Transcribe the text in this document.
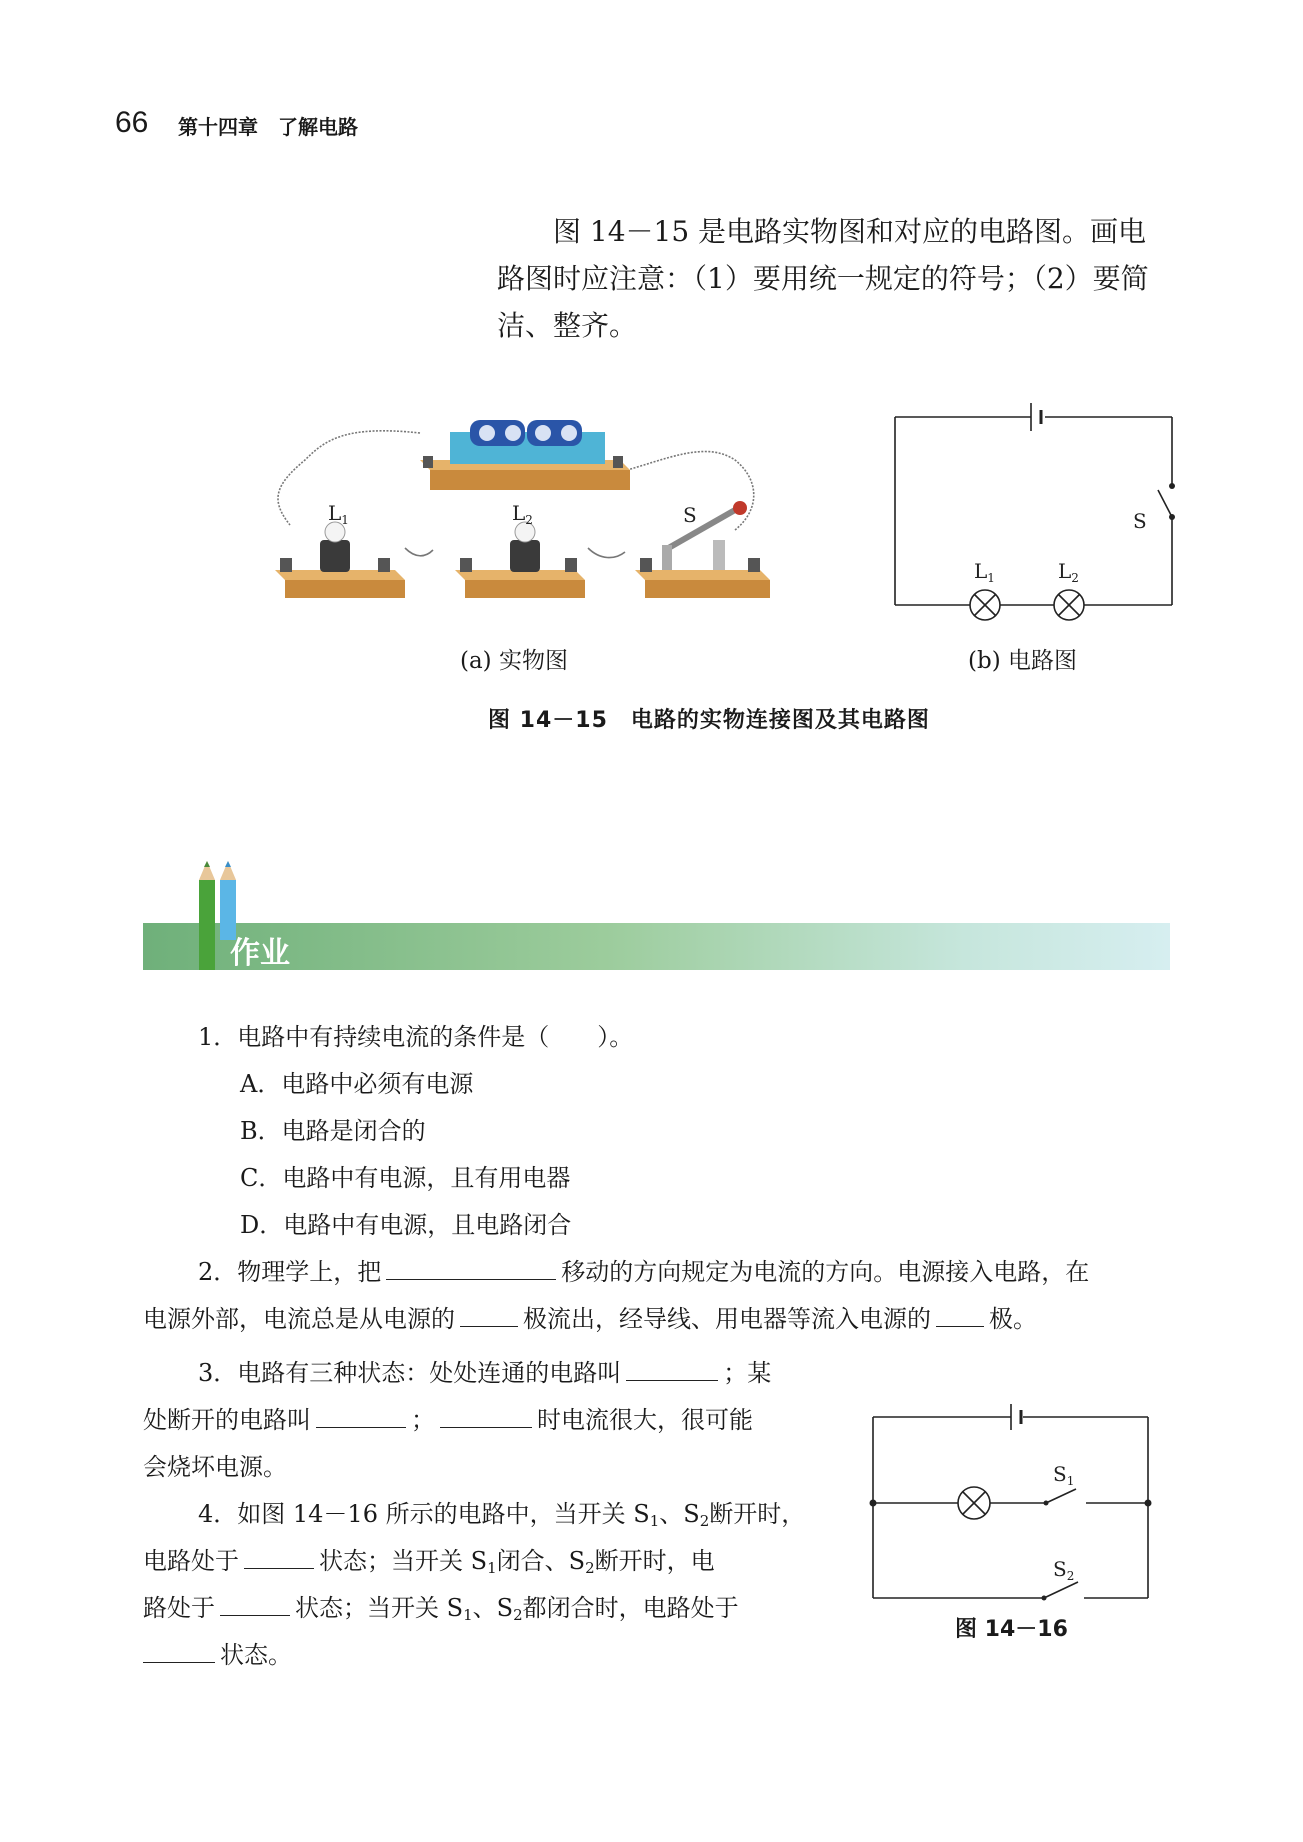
66 第十四章　了解电路
图 14－15 是电路实物图和对应的电路图。画电路图时应注意：（1）要用统一规定的符号；（2）要简洁、整齐。
$L_1$	$L_2$	S
$L_1$	$L_2$
S
(a) 实物图	(b) 电路图
图 14－15　电路的实物连接图及其电路图
作业
1．电路中有持续电流的条件是（　　）。
A．电路中必须有电源
B．电路是闭合的
C．电路中有电源，且有用电器
D．电路中有电源，且电路闭合
2．物理学上，把	移动的方向规定为电流的方向。电源接入电路，在
电源外部，电流总是从电源的	极流出，经导线、用电器等流入电源的 极。
3．电路有三种状态：处处连通的电路叫	；某
处断开的电路叫	；	时电流很大，很可能
会烧坏电源。
4．如图 14－16 所示的电路中，当开关 $S_1$、$S_2$断开时，
电路处于	状态；当开关 $S_1$闭合、$S_2$断开时，电
路处于	状态；当开关 $S_1$、$S_2$都闭合时，电路处于
状态。
$S_1$
$S_2$
图 14－16
